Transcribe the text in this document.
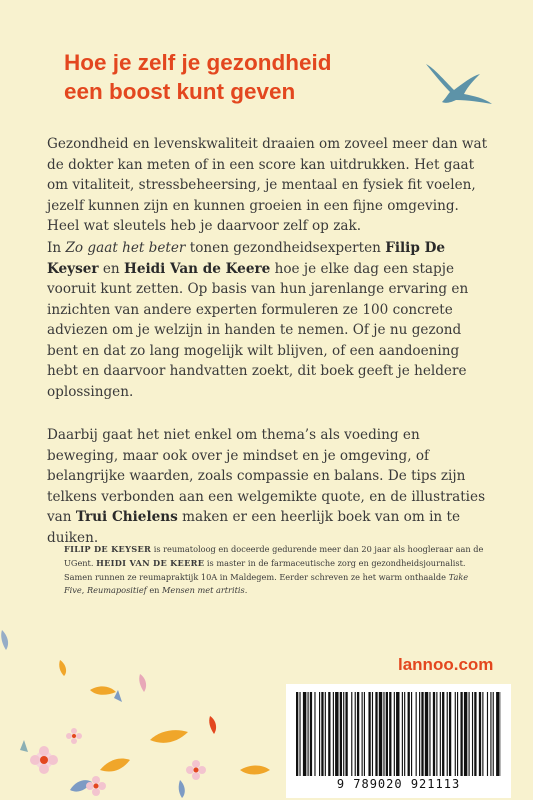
Hoe je zelf je gezondheid
een boost kunt geven

Gezondheid en levenskwaliteit draaien om zoveel meer dan wat de dokter kan meten of in een score kan uitdrukken. Het gaat om vitaliteit, stressbeheersing, je mentaal en fysiek fit voelen, jezelf kunnen zijn en kunnen groeien in een fijne omgeving. Heel wat sleutels heb je daarvoor zelf op zak.

In Zo gaat het beter tonen gezondheidsexperten Filip De Keyser en Heidi Van de Keere hoe je elke dag een stapje vooruit kunt zetten. Op basis van hun jarenlange ervaring en inzichten van andere experten formuleren ze 100 concrete adviezen om je welzijn in handen te nemen. Of je nu gezond bent en dat zo lang mogelijk wilt blijven, of een aandoening hebt en daarvoor handvatten zoekt, dit boek geeft je heldere oplossingen.

Daarbij gaat het niet enkel om thema’s als voeding en beweging, maar ook over je mindset en je omgeving, of belangrijke waarden, zoals compassie en balans. De tips zijn telkens verbonden aan een welgemikte quote, en de illustraties van Trui Chielens maken er een heerlijk boek van om in te duiken.

FILIP DE KEYSER is reumatoloog en doceerde gedurende meer dan 20 jaar als hoogleraar aan de UGent. HEIDI VAN DE KEERE is master in de farmaceutische zorg en gezondheidsjournalist. Samen runnen ze reumapraktijk 10A in Maldegem. Eerder schreven ze het warm onthaalde Take Five, Reumapositief en Mensen met artritis.

lannoo.com
9 789020 921113
